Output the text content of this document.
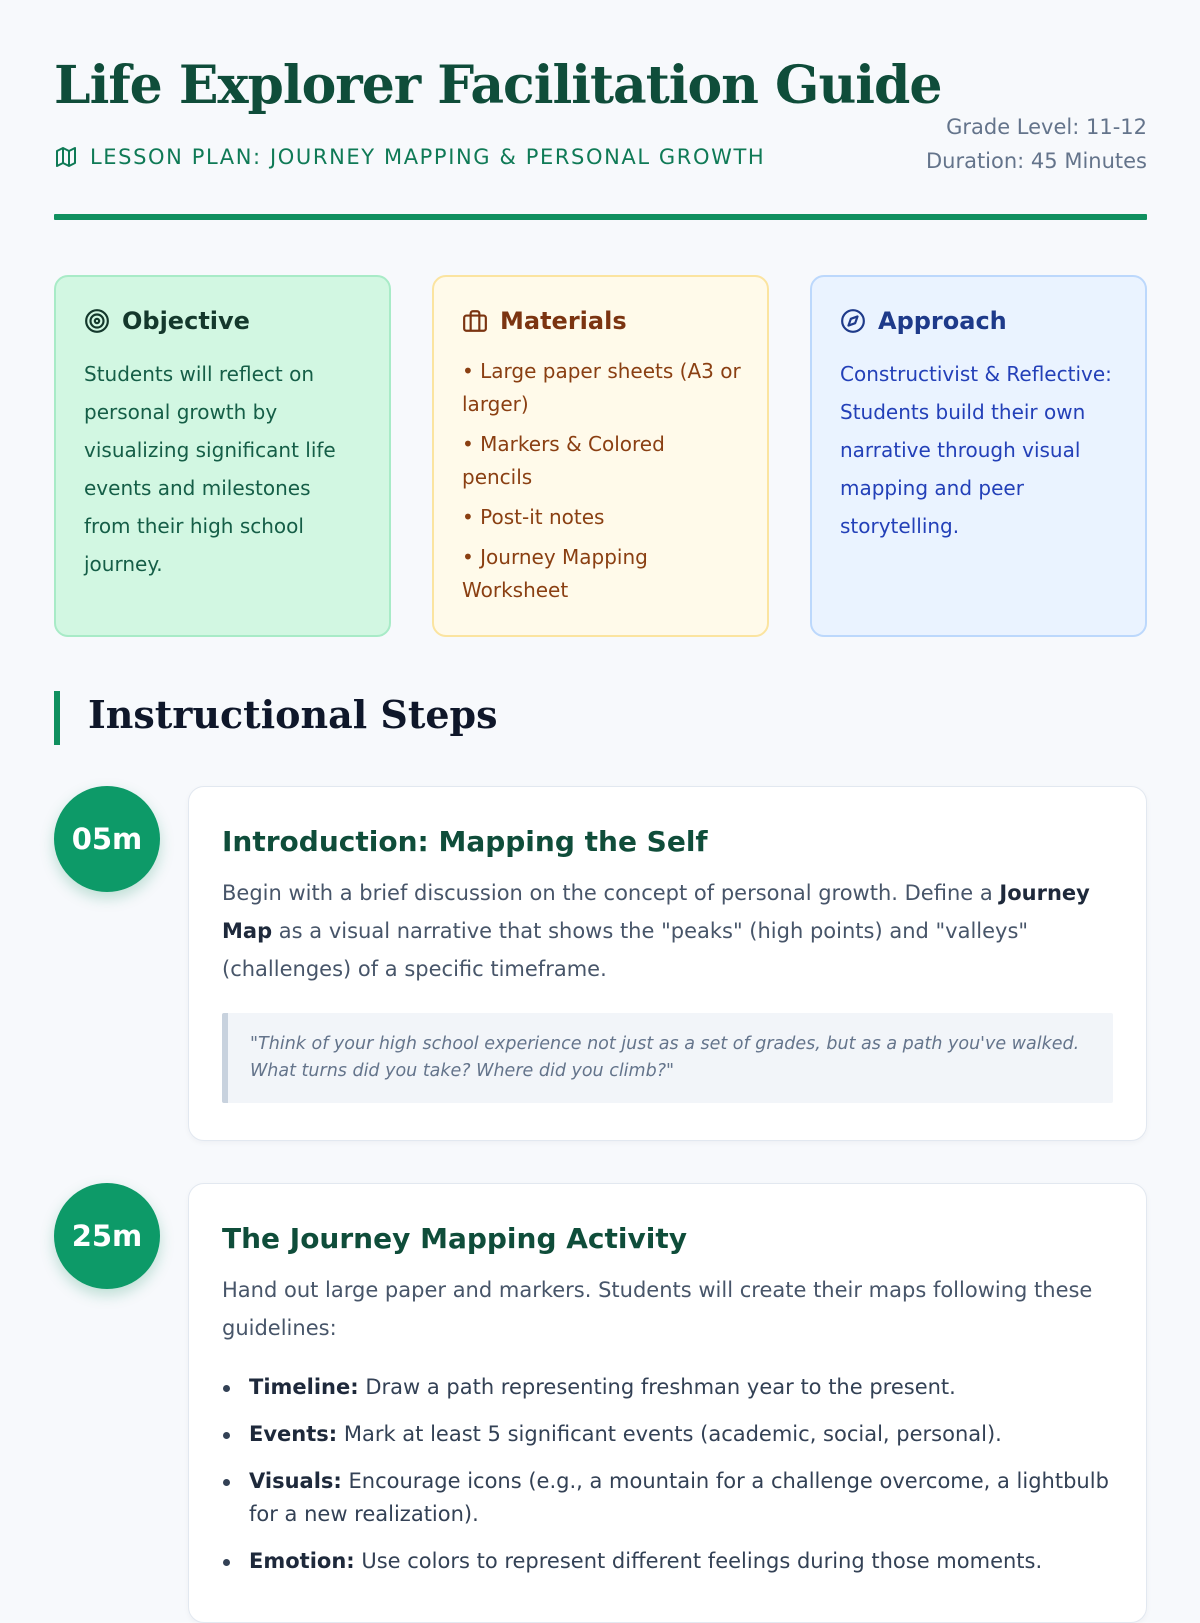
Life Explorer Facilitation Guide
LESSON PLAN: JOURNEY MAPPING & PERSONAL GROWTH
Grade Level: 11-12
Duration: 45 Minutes
Objective
Students will reflect on personal growth by visualizing significant life events and milestones from their high school journey.
Materials
• Large paper sheets (A3 or larger)
• Markers & Colored pencils
• Post-it notes
• Journey Mapping Worksheet
Approach
Constructivist & Reflective: Students build their own narrative through visual mapping and peer storytelling.
Instructional Steps
05m	Introduction: Mapping the Self

Begin with a brief discussion on the concept of personal growth. Define a Journey Map as a visual narrative that shows the "peaks" (high points) and "valleys" (challenges) of a specific timeframe.

"Think of your high school experience not just as a set of grades, but as a path you've walked. What turns did you take? Where did you climb?"
25m	The Journey Mapping Activity

Hand out large paper and markers. Students will create their maps following these guidelines:

Timeline: Draw a path representing freshman year to the present.
Events: Mark at least 5 significant events (academic, social, personal).
Visuals: Encourage icons (e.g., a mountain for a challenge overcome, a lightbulb for a new realization).
Emotion: Use colors to represent different feelings during those moments.
